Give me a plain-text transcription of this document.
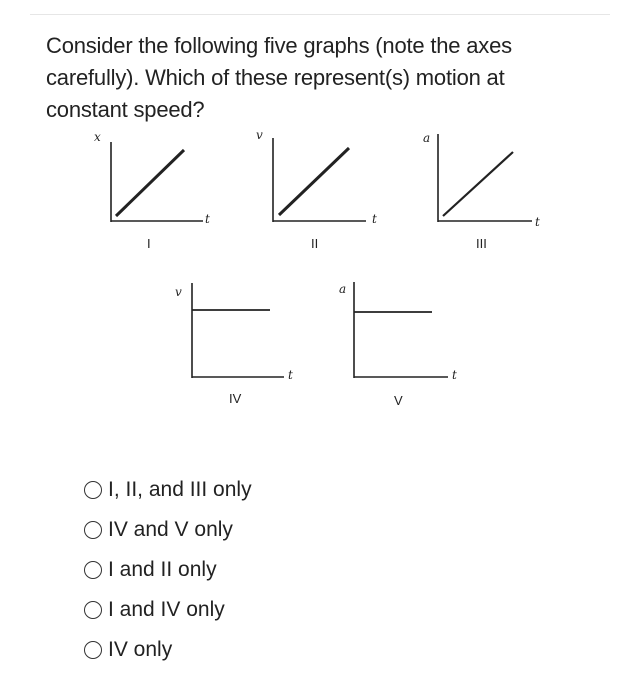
Consider the following five graphs (note the axes carefully). Which of these represent(s) motion at constant speed?
x
t
I
v
t
II
a
t
III
v
t
IV
a
t
V
I, II, and III only
IV and V only
I and II only
I and IV only
IV only
